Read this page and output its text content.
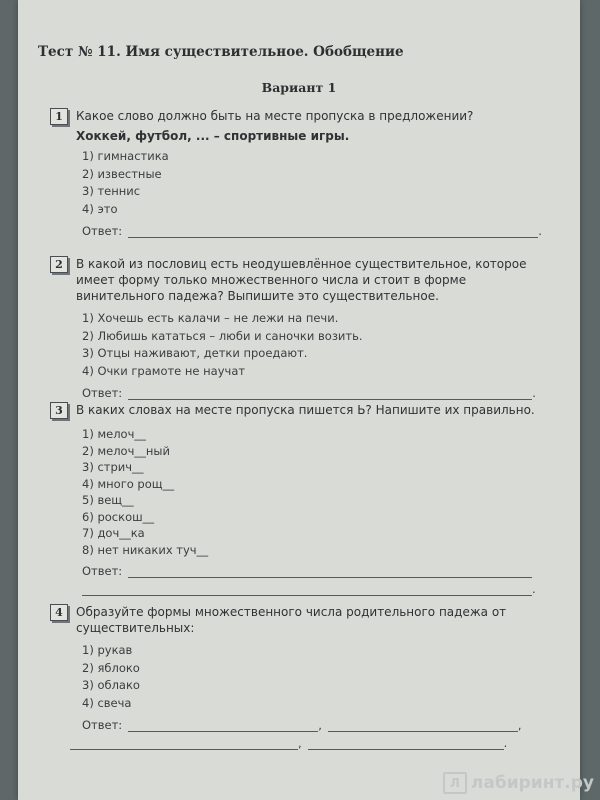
Тест № 11. Имя существительное. Обобщение
Вариант 1
1	Какое слово должно быть на месте пропуска в предложении?
Хоккей, футбол, ... – спортивные игры.
1) гимнастика
2) известные
3) теннис
4) это
Ответ:	.
2	В какой из пословиц есть неодушевлённое существительное, которое имеет форму только множественного числа и стоит в форме винительного падежа? Выпишите это существительное.
1) Хочешь есть калачи – не лежи на печи.
2) Любишь кататься – люби и саночки возить.
3) Отцы наживают, детки проедают.
4) Очки грамоте не научат
Ответ:	.
3	В каких словах на месте пропуска пишется Ь? Напишите их правильно.
1) мелоч__
2) мелоч__ный
3) стрич__
4) много рощ__
5) вещ__
6) роскош__
7) доч__ка
8) нет никаких туч__
Ответ:
.
4	Образуйте формы множественного числа родительного падежа от существительных:
1) рукав
2) яблоко
3) облако
4) свеча
Ответ:	,	,
,	.
Л лабиринт.ру
